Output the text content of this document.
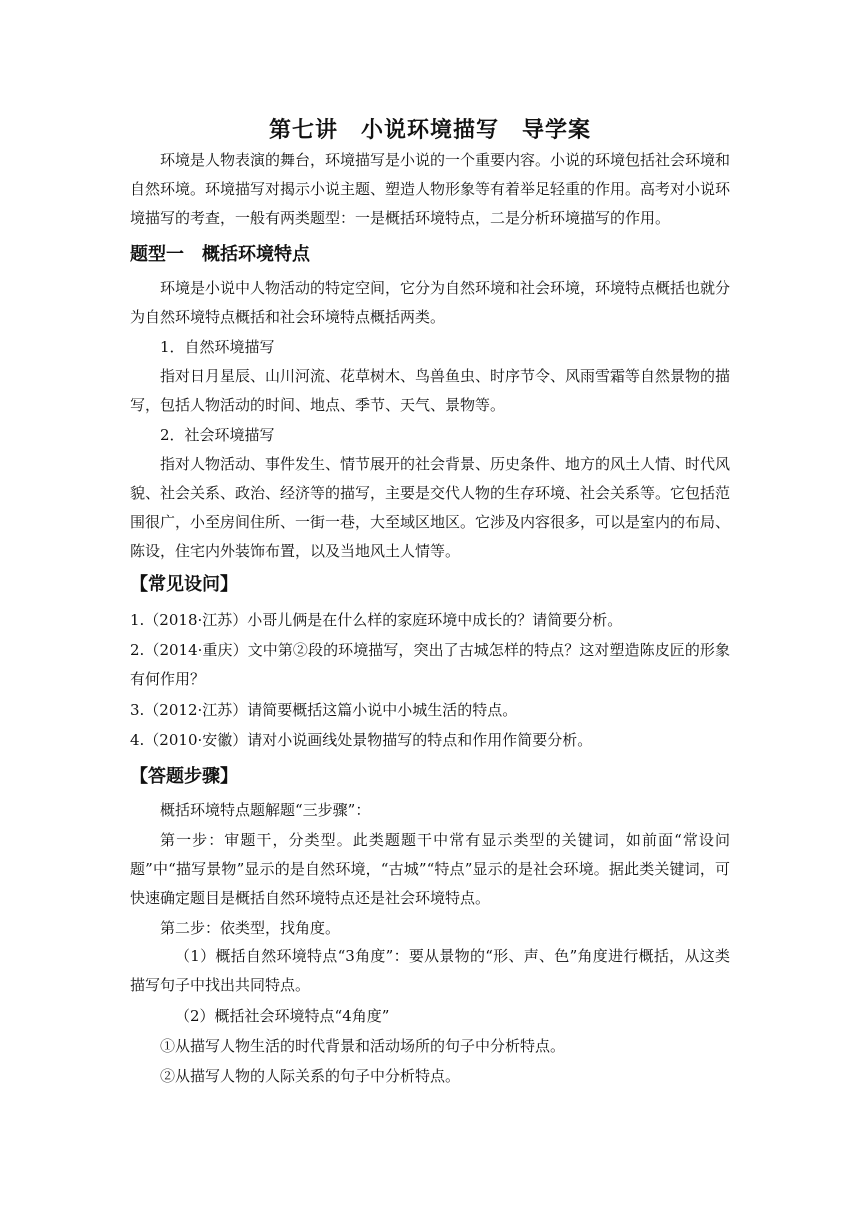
第七讲　小说环境描写　导学案
环境是人物表演的舞台，环境描写是小说的一个重要内容。小说的环境包括社会环境和自然环境。环境描写对揭示小说主题、塑造人物形象等有着举足轻重的作用。高考对小说环境描写的考查，一般有两类题型：一是概括环境特点，二是分析环境描写的作用。
题型一　概括环境特点
环境是小说中人物活动的特定空间，它分为自然环境和社会环境，环境特点概括也就分为自然环境特点概括和社会环境特点概括两类。
1．自然环境描写
指对日月星辰、山川河流、花草树木、鸟兽鱼虫、时序节令、风雨雪霜等自然景物的描写，包括人物活动的时间、地点、季节、天气、景物等。
2．社会环境描写
指对人物活动、事件发生、情节展开的社会背景、历史条件、地方的风土人情、时代风貌、社会关系、政治、经济等的描写，主要是交代人物的生存环境、社会关系等。它包括范围很广，小至房间住所、一街一巷，大至域区地区。它涉及内容很多，可以是室内的布局、陈设，住宅内外装饰布置，以及当地风土人情等。
【常见设问】
1.（2018·江苏）小哥儿俩是在什么样的家庭环境中成长的？请简要分析。
2.（2014·重庆）文中第②段的环境描写，突出了古城怎样的特点？这对塑造陈皮匠的形象有何作用？
3.（2012·江苏）请简要概括这篇小说中小城生活的特点。
4.（2010·安徽）请对小说画线处景物描写的特点和作用作简要分析。
【答题步骤】
概括环境特点题解题“三步骤”：
第一步：审题干，分类型。此类题题干中常有显示类型的关键词，如前面“常设问题”中“描写景物”显示的是自然环境，“古城”“特点”显示的是社会环境。据此类关键词，可快速确定题目是概括自然环境特点还是社会环境特点。
第二步：依类型，找角度。
（1）概括自然环境特点“3角度”：要从景物的“形、声、色”角度进行概括，从这类描写句子中找出共同特点。
（2）概括社会环境特点“4角度”
①从描写人物生活的时代背景和活动场所的句子中分析特点。
②从描写人物的人际关系的句子中分析特点。
